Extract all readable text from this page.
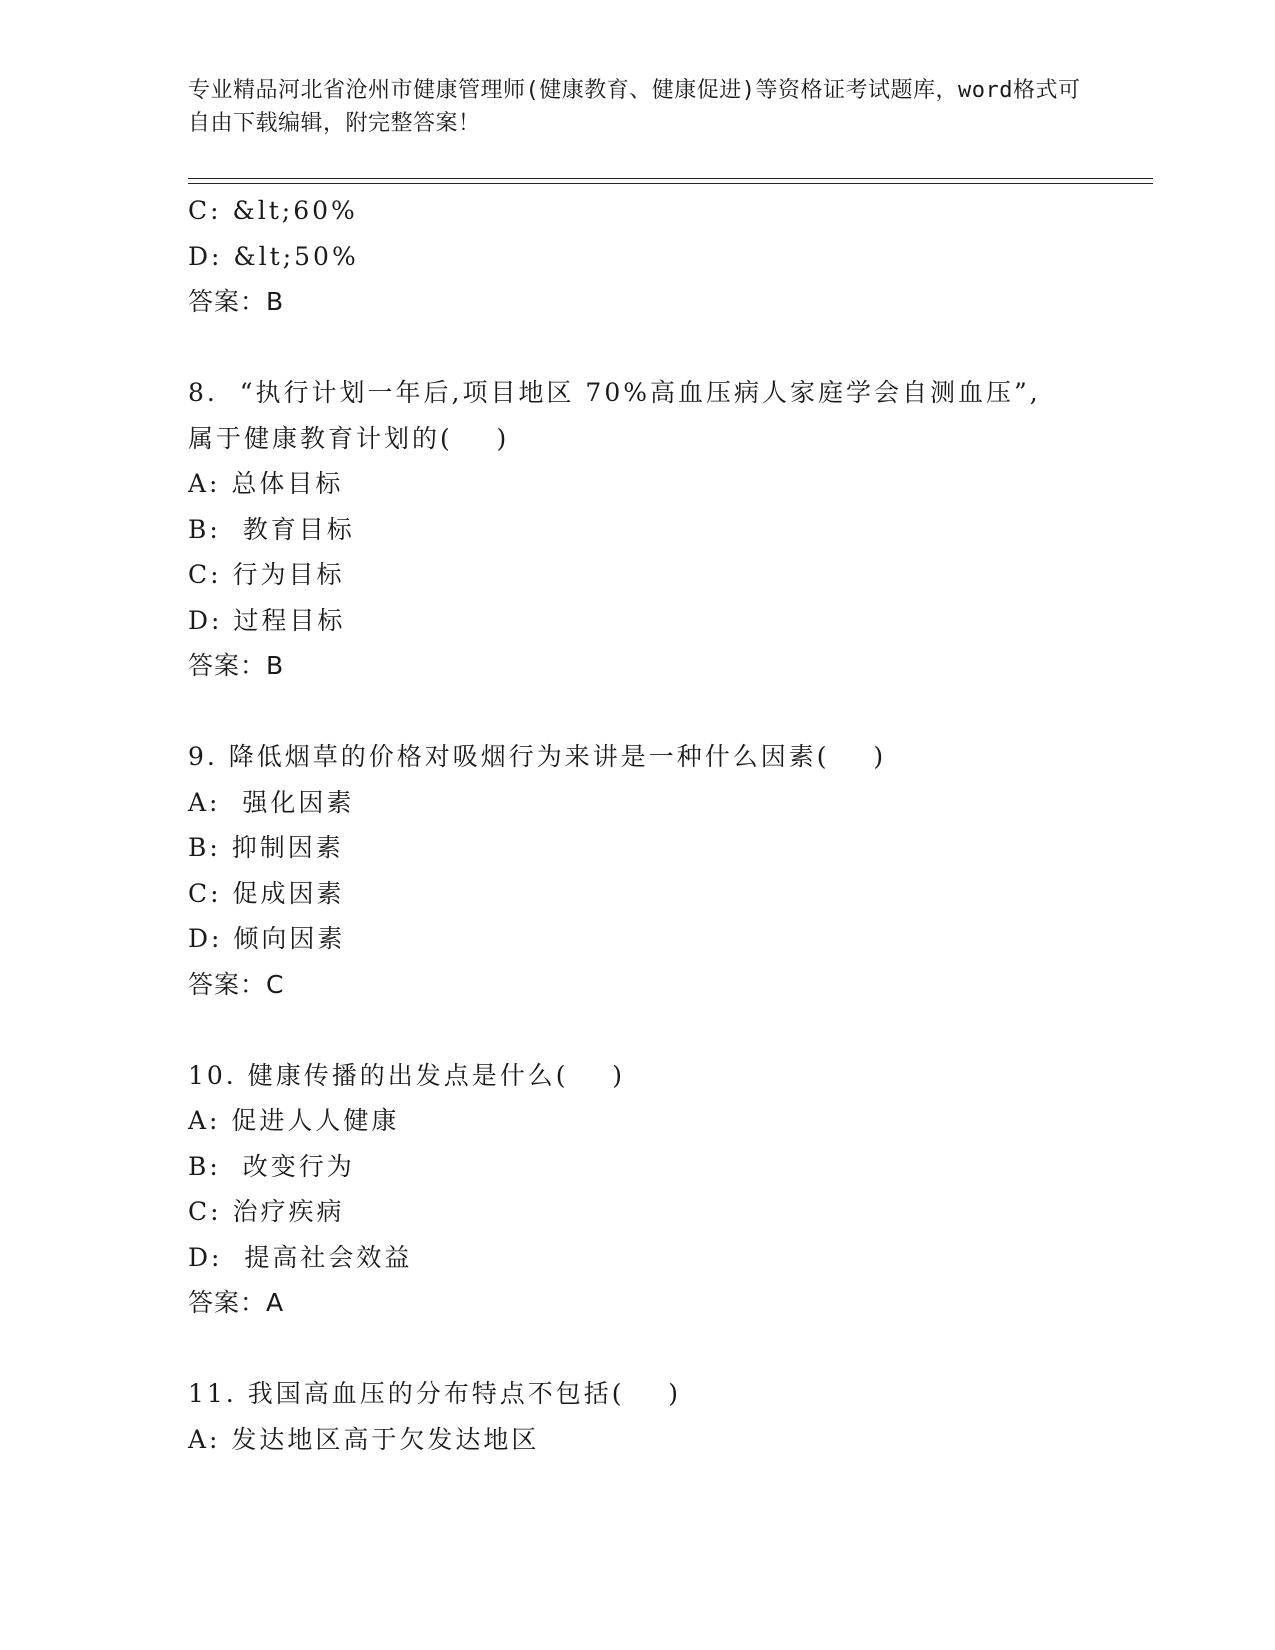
专业精品河北省沧州市健康管理师(健康教育、健康促进)等资格证考试题库，word格式可自由下载编辑，附完整答案！
C: &lt;60%
D: &lt;50%
答案：B
8.  “执行计划一年后,项目地区 70%高血压病人家庭学会自测血压”,
属于健康教育计划的(    )
A: 总体目标
B:  教育目标
C: 行为目标
D: 过程目标
答案：B
9. 降低烟草的价格对吸烟行为来讲是一种什么因素(    )
A:  强化因素
B: 抑制因素
C: 促成因素
D: 倾向因素
答案：C
10. 健康传播的出发点是什么(    )
A: 促进人人健康
B:  改变行为
C: 治疗疾病
D:  提高社会效益
答案：A
11. 我国高血压的分布特点不包括(    )
A: 发达地区高于欠发达地区
